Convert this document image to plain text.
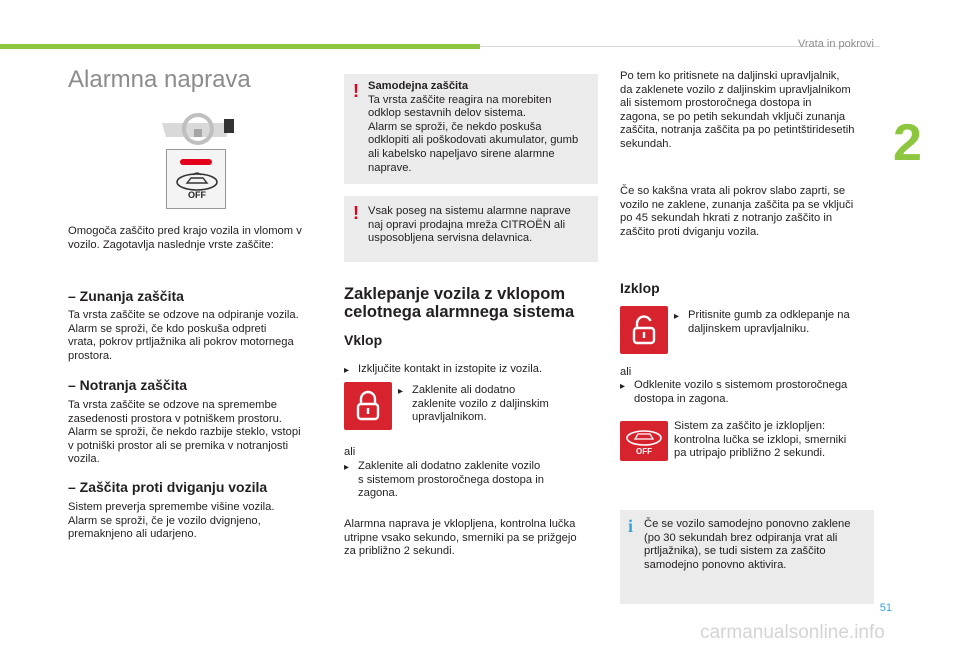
Vrata in pokrovi
2
Alarmna naprava
OFF
Omogoča zaščito pred krajo vozila in vlomom v vozilo. Zagotavlja naslednje vrste zaščite:
– Zunanja zaščita
Ta vrsta zaščite se odzove na odpiranje vozila.
Alarm se sproži, če kdo poskuša odpreti
vrata, pokrov prtljažnika ali pokrov motornega
prostora.
– Notranja zaščita
Ta vrsta zaščite se odzove na spremembe
zasedenosti prostora v potniškem prostoru.
Alarm se sproži, če nekdo razbije steklo, vstopi
v potniški prostor ali se premika v notranjosti
vozila.
– Zaščita proti dviganju vozila
Sistem preverja spremembe višine vozila.
Alarm se sproži, če je vozilo dvignjeno,
premaknjeno ali udarjeno.
! Samodejna zaščita
Ta vrsta zaščite reagira na morebiten
odklop sestavnih delov sistema.
Alarm se sproži, če nekdo poskuša
odklopiti ali poškodovati akumulator, gumb
ali kabelsko napeljavo sirene alarmne
naprave.
! Vsak poseg na sistemu alarmne naprave
naj opravi prodajna mreža CITROËN ali
usposobljena servisna delavnica.
Zaklepanje vozila z vklopom
celotnega alarmnega sistema
Vklop
▸ Izključite kontakt in izstopite iz vozila.
▸ Zaklenite ali dodatno
zaklenite vozilo z daljinskim
upravljalnikom.
ali
▸ Zaklenite ali dodatno zaklenite vozilo
s sistemom prostoročnega dostopa in
zagona.
Alarmna naprava je vklopljena, kontrolna lučka
utripne vsako sekundo, smerniki pa se prižgejo
za približno 2 sekundi.
Po tem ko pritisnete na daljinski upravljalnik,
da zaklenete vozilo z daljinskim upravljalnikom
ali sistemom prostoročnega dostopa in
zagona, se po petih sekundah vključi zunanja
zaščita, notranja zaščita pa po petintštiridesetih
sekundah.
Če so kakšna vrata ali pokrov slabo zaprti, se
vozilo ne zaklene, zunanja zaščita pa se vključi
po 45 sekundah hkrati z notranjo zaščito in
zaščito proti dviganju vozila.
Izklop
▸ Pritisnite gumb za odklepanje na
daljinskem upravljalniku.
ali
▸ Odklenite vozilo s sistemom prostoročnega
dostopa in zagona.
OFF
Sistem za zaščito je izklopljen:
kontrolna lučka se izklopi, smerniki
pa utripajo približno 2 sekundi.
i Če se vozilo samodejno ponovno zaklene
(po 30 sekundah brez odpiranja vrat ali
prtljažnika), se tudi sistem za zaščito
samodejno ponovno aktivira.
51
carmanualsonline.info
